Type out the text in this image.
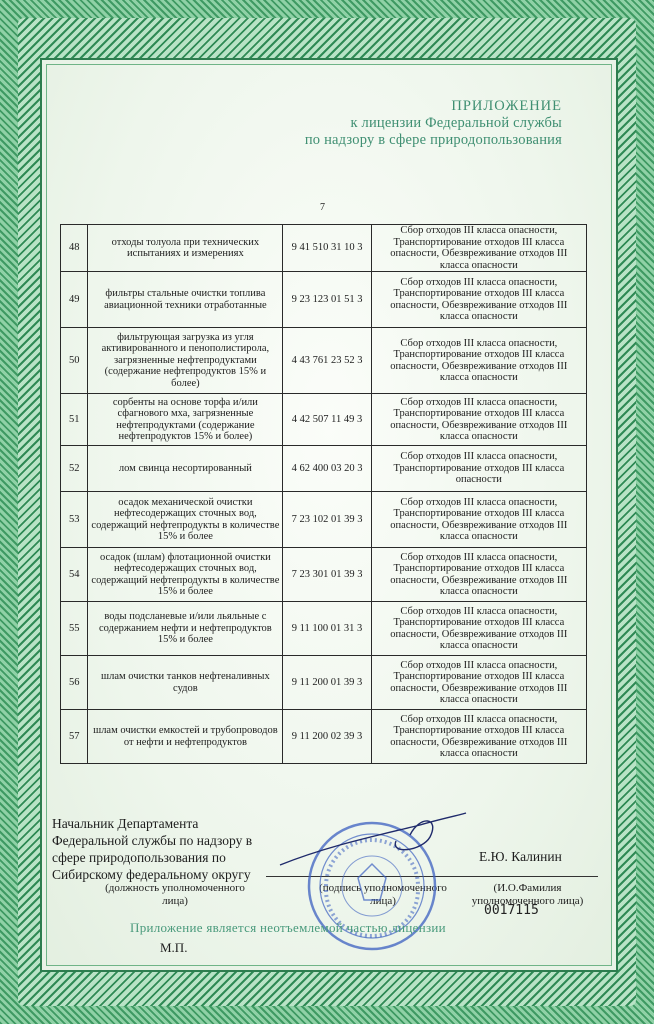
ПРИЛОЖЕНИЕ
к лицензии Федеральной службы
по надзору в сфере природопользования
7
48	отходы толуола при технических испытаниях и измерениях	9 41 510 31 10 3	Сбор отходов III класса опасности, Транспортирование отходов III класса опасности, Обезвреживание отходов III класса опасности
49	фильтры стальные очистки топлива авиационной техники отработанные	9 23 123 01 51 3	Сбор отходов III класса опасности, Транспортирование отходов III класса опасности, Обезвреживание отходов III класса опасности
50	фильтрующая загрузка из угля активированного и пенополистирола, загрязненные нефтепродуктами (содержание нефтепродуктов 15% и более)	4 43 761 23 52 3	Сбор отходов III класса опасности, Транспортирование отходов III класса опасности, Обезвреживание отходов III класса опасности
51	сорбенты на основе торфа и/или сфагнового мха, загрязненные нефтепродуктами (содержание нефтепродуктов 15% и более)	4 42 507 11 49 3	Сбор отходов III класса опасности, Транспортирование отходов III класса опасности, Обезвреживание отходов III класса опасности
52	лом свинца несортированный	4 62 400 03 20 3	Сбор отходов III класса опасности, Транспортирование отходов III класса опасности
53	осадок механической очистки нефтесодержащих сточных вод, содержащий нефтепродукты в количестве 15% и более	7 23 102 01 39 3	Сбор отходов III класса опасности, Транспортирование отходов III класса опасности, Обезвреживание отходов III класса опасности
54	осадок (шлам) флотационной очистки нефтесодержащих сточных вод, содержащий нефтепродукты в количестве 15% и более	7 23 301 01 39 3	Сбор отходов III класса опасности, Транспортирование отходов III класса опасности, Обезвреживание отходов III класса опасности
55	воды подсланевые и/или льяльные с содержанием нефти и нефтепродуктов 15% и более	9 11 100 01 31 3	Сбор отходов III класса опасности, Транспортирование отходов III класса опасности, Обезвреживание отходов III класса опасности
56	шлам очистки танков нефтеналивных судов	9 11 200 01 39 3	Сбор отходов III класса опасности, Транспортирование отходов III класса опасности, Обезвреживание отходов III класса опасности
57	шлам очистки емкостей и трубопроводов от нефти и нефтепродуктов	9 11 200 02 39 3	Сбор отходов III класса опасности, Транспортирование отходов III класса опасности, Обезвреживание отходов III класса опасности
Начальник Департамента
Федеральной службы по надзору в
сфере природопользования по
Сибирскому федеральному округу
Е.Ю. Калинин
(должность уполномоченного лица)
(подпись уполномоченного лица)
(И.О.Фамилия уполномоченного лица)
Приложение является неотъемлемой частью лицензии
М.П.
0017115
